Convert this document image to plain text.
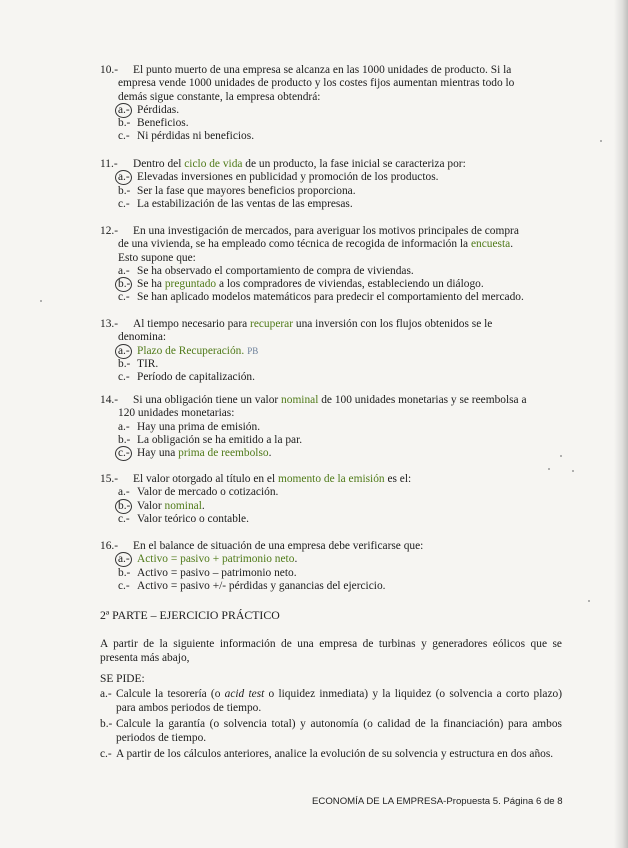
10.- El punto muerto de una empresa se alcanza en las 1000 unidades de producto. Si la
empresa vende 1000 unidades de producto y los costes fijos aumentan mientras todo lo
demás sigue constante, la empresa obtendrá:
a.- Pérdidas.
b.- Beneficios.
c.- Ni pérdidas ni beneficios.
11.- Dentro del ciclo de vida de un producto, la fase inicial se caracteriza por:
a.- Elevadas inversiones en publicidad y promoción de los productos.
b.- Ser la fase que mayores beneficios proporciona.
c.- La estabilización de las ventas de las empresas.
12.- En una investigación de mercados, para averiguar los motivos principales de compra
de una vivienda, se ha empleado como técnica de recogida de información la encuesta.
Esto supone que:
a.- Se ha observado el comportamiento de compra de viviendas.
b.- Se ha preguntado a los compradores de viviendas, estableciendo un diálogo.
c.- Se han aplicado modelos matemáticos para predecir el comportamiento del mercado.
13.- Al tiempo necesario para recuperar una inversión con los flujos obtenidos se le
denomina:
a.- Plazo de Recuperación. PB
b.- TIR.
c.- Período de capitalización.
14.- Si una obligación tiene un valor nominal de 100 unidades monetarias y se reembolsa a
120 unidades monetarias:
a.- Hay una prima de emisión.
b.- La obligación se ha emitido a la par.
c.- Hay una prima de reembolso.
15.- El valor otorgado al título en el momento de la emisión es el:
a.- Valor de mercado o cotización.
b.- Valor nominal.
c.- Valor teórico o contable.
16.- En el balance de situación de una empresa debe verificarse que:
a.- Activo = pasivo + patrimonio neto.
b.- Activo = pasivo – patrimonio neto.
c.- Activo = pasivo +/- pérdidas y ganancias del ejercicio.
2ª PARTE – EJERCICIO PRÁCTICO
A partir de la siguiente información de una empresa de turbinas y generadores eólicos que se presenta más abajo,
SE PIDE:
a.- Calcule la tesorería (o acid test o liquidez inmediata) y la liquidez (o solvencia a corto plazo) para ambos periodos de tiempo.
b.- Calcule la garantía (o solvencia total) y autonomía (o calidad de la financiación) para ambos periodos de tiempo.
c.- A partir de los cálculos anteriores, analice la evolución de su solvencia y estructura en dos años.
ECONOMÍA DE LA EMPRESA-Propuesta 5. Página 6 de 8
